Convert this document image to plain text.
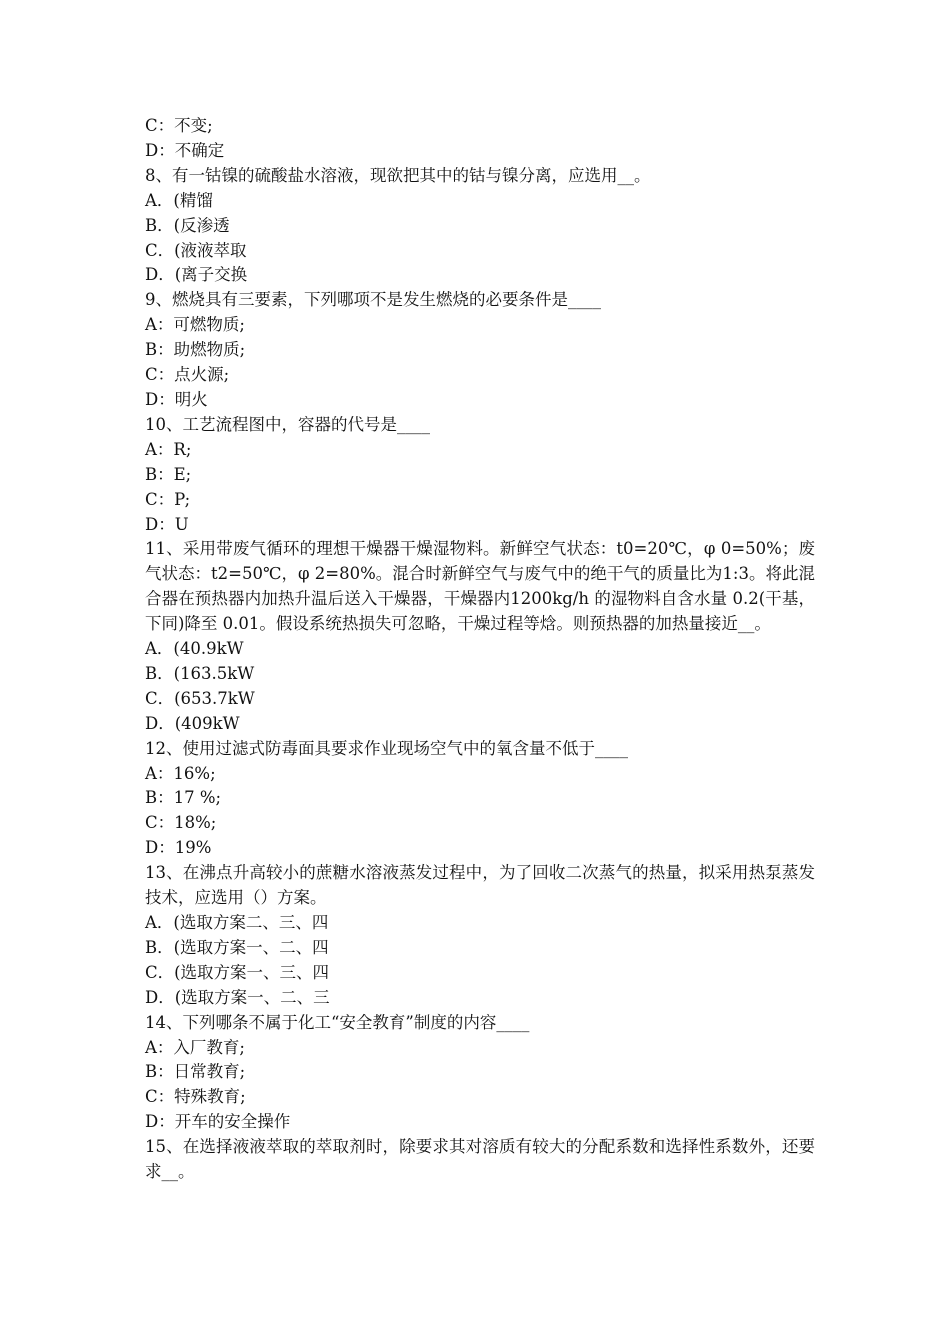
C：不变;
D：不确定
8、有一钴镍的硫酸盐水溶液，现欲把其中的钴与镍分离，应选用__。
A．(精馏
B．(反渗透
C．(液液萃取
D．(离子交换
9、燃烧具有三要素，下列哪项不是发生燃烧的必要条件是____
A：可燃物质;
B：助燃物质;
C：点火源;
D：明火
10、工艺流程图中，容器的代号是____
A：R;
B：E;
C：P;
D：U
11、采用带废气循环的理想干燥器干燥湿物料。新鲜空气状态：t0=20℃，φ 0=50%；废气状态：t2=50℃，φ 2=80%。混合时新鲜空气与废气中的绝干气的质量比为1:3。将此混合器在预热器内加热升温后送入干燥器，干燥器内1200kg/h 的湿物料自含水量 0.2(干基，下同)降至 0.01。假设系统热损失可忽略，干燥过程等焓。则预热器的加热量接近__。
A．(40.9kW
B．(163.5kW
C．(653.7kW
D．(409kW
12、使用过滤式防毒面具要求作业现场空气中的氧含量不低于____
A：16%;
B：17 %;
C：18%;
D：19%
13、在沸点升高较小的蔗糖水溶液蒸发过程中，为了回收二次蒸气的热量，拟采用热泵蒸发技术，应选用（）方案。
A．(选取方案二、三、四
B．(选取方案一、二、四
C．(选取方案一、三、四
D．(选取方案一、二、三
14、下列哪条不属于化工“安全教育”制度的内容____
A：入厂教育;
B：日常教育;
C：特殊教育;
D：开车的安全操作
15、在选择液液萃取的萃取剂时，除要求其对溶质有较大的分配系数和选择性系数外，还要求__。
